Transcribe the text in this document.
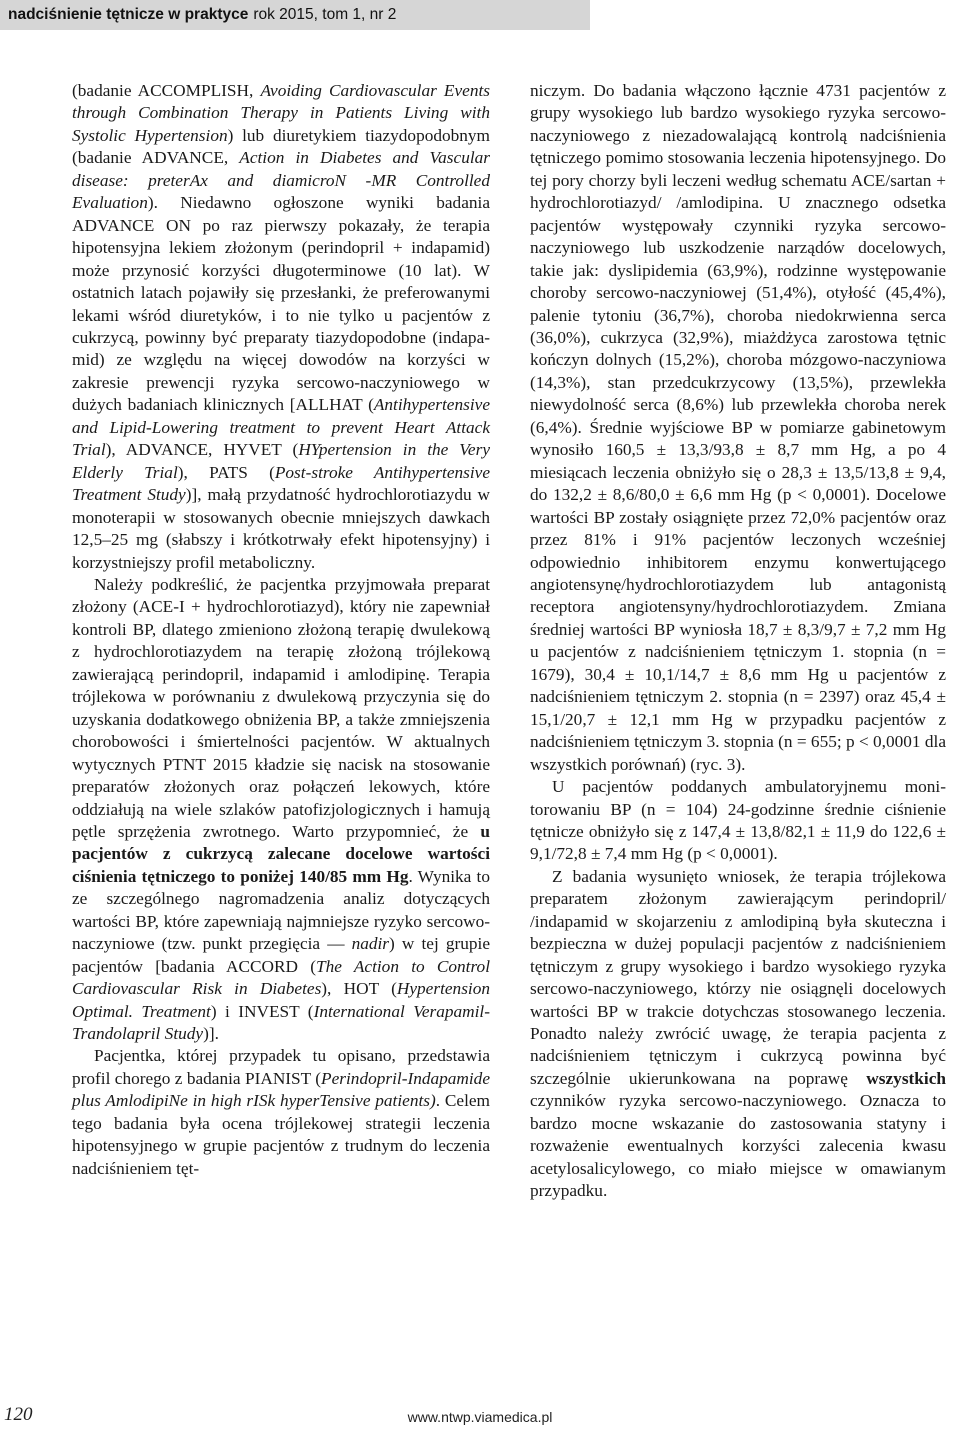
nadciśnienie tętnicze w praktyce rok 2015, tom 1, nr 2

(badanie ACCOMPLISH, Avoiding Cardiovascular Events through Combination Therapy in Patients Living with Systolic Hypertension) lub diuretykiem tiazydopodobnym (badanie ADVANCE, Action in Diabetes and Vascular disease: preterAx and diamicroN -MR Controlled Evaluation). Niedawno ogłoszone wyniki badania ADVANCE ON po raz pierwszy pokazały, że terapia hipotensyjna lekiem złożonym (perindopril + indapamid) może przynosić korzyści długoterminowe (10 lat). W ostatnich latach pojawiły się przesłanki, że preferowanymi lekami wśród diuretyków, i to nie tylko u pacjentów z cukrzycą, powinny być preparaty tiazydopodobne (indapamid) ze względu na więcej dowodów na korzyści w zakresie prewencji ryzyka sercowo-naczyniowego w dużych badaniach klinicznych [ALLHAT (Antihypertensive and Lipid-Lowering treatment to prevent Heart Attack Trial), ADVANCE, HYVET (HYpertension in the Very Elderly Trial), PATS (Post-stroke Antihypertensive Treatment Study)], małą przydatność hydrochlorotiazydu w monoterapii w stosowanych obecnie mniejszych dawkach 12,5–25 mg (słabszy i krótkotrwały efekt hipotensyjny) i korzystniejszy profil metaboliczny.

Należy podkreślić, że pacjentka przyjmowała preparat złożony (ACE-I + hydrochlorotiazyd), który nie zapewniał kontroli BP, dlatego zmieniono złożoną terapię dwulekową z hydrochlorotiazydem na terapię złożoną trójlekową zawierającą perindopril, indapamid i amlodipinę. Terapia trójlekowa w porównaniu z dwulekową przyczynia się do uzyskania dodatkowego obniżenia BP, a także zmniejszenia chorobowości i śmiertelności pacjentów. W aktualnych wytycznych PTNT 2015 kładzie się nacisk na stosowanie preparatów złożonych oraz połączeń lekowych, które oddziałują na wiele szlaków patofizjologicznych i hamują pętle sprzężenia zwrotnego. Warto przypomnieć, że u pacjentów z cukrzycą zalecane docelowe wartości ciśnienia tętniczego to poniżej 140/85 mm Hg. Wynika to ze szczególnego nagromadzenia analiz dotyczących wartości BP, które zapewniają najmniejsze ryzyko sercowo-naczyniowe (tzw. punkt przegięcia — nadir) w tej grupie pacjentów [badania ACCORD (The Action to Control Cardiovascular Risk in Diabetes), HOT (Hypertension Optimal. Treatment) i INVEST (International Verapamil-Trandolapril Study)].

Pacjentka, której przypadek tu opisano, przedstawia profil chorego z badania PIANIST (Perindopril-Indapamide plus AmlodipiNe in high rISk hyperTensive patients). Celem tego badania była ocena trójlekowej strategii leczenia hipotensyjnego w grupie pacjentów z trudnym do leczenia nadciśnieniem tęt-

niczym. Do badania włączono łącznie 4731 pacjentów z grupy wysokiego lub bardzo wysokiego ryzyka sercowo-naczyniowego z niezadowalającą kontrolą nadciśnienia tętniczego pomimo stosowania leczenia hipotensyjnego. Do tej pory chorzy byli leczeni według schematu ACE/sartan + hydrochlorotiazyd/ /amlodipina. U znacznego odsetka pacjentów występowały czynniki ryzyka sercowo-naczyniowego lub uszkodzenie narządów docelowych, takie jak: dyslipidemia (63,9%), rodzinne występowanie choroby sercowo-naczyniowej (51,4%), otyłość (45,4%), palenie tytoniu (36,7%), choroba niedokrwienna serca (36,0%), cukrzyca (32,9%), miażdżyca zarostowa tętnic kończyn dolnych (15,2%), choroba mózgowo-naczyniowa (14,3%), stan przedcukrzycowy (13,5%), przewlekła niewydolność serca (8,6%) lub przewlekła choroba nerek (6,4%). Średnie wyjściowe BP w pomiarze gabinetowym wynosiło 160,5 ± 13,3/93,8 ± 8,7 mm Hg, a po 4 miesiącach leczenia obniżyło się o 28,3 ± 13,5/13,8 ± 9,4, do 132,2 ± 8,6/80,0 ± 6,6 mm Hg (p < 0,0001). Docelowe wartości BP zostały osiągnięte przez 72,0% pacjentów oraz przez 81% i 91% pacjentów leczonych wcześniej odpowiednio inhibitorem enzymu konwertującego angiotensynę/hydrochlorotiazydem lub antagonistą receptora angiotensyny/hydrochlorotiazydem. Zmiana średniej wartości BP wyniosła 18,7 ± 8,3/9,7 ± 7,2 mm Hg u pacjentów z nadciśnieniem tętniczym 1. stopnia (n = 1679), 30,4 ± 10,1/14,7 ± 8,6 mm Hg u pacjentów z nadciśnieniem tętniczym 2. stopnia (n = 2397) oraz 45,4 ± 15,1/20,7 ± 12,1 mm Hg w przypadku pacjentów z nadciśnieniem tętniczym 3. stopnia (n = 655; p < 0,0001 dla wszystkich porównań) (ryc. 3).

U pacjentów poddanych ambulatoryjnemu monitorowaniu BP (n = 104) 24-godzinne średnie ciśnienie tętnicze obniżyło się z 147,4 ± 13,8/82,1 ± 11,9 do 122,6 ± 9,1/72,8 ± 7,4 mm Hg (p < 0,0001).

Z badania wysunięto wniosek, że terapia trójlekowa preparatem złożonym zawierającym perindopril/ /indapamid w skojarzeniu z amlodipiną była skuteczna i bezpieczna w dużej populacji pacjentów z nadciśnieniem tętniczym z grupy wysokiego i bardzo wysokiego ryzyka sercowo-naczyniowego, którzy nie osiągnęli docelowych wartości BP w trakcie dotychczas stosowanego leczenia. Ponadto należy zwrócić uwagę, że terapia pacjenta z nadciśnieniem tętniczym i cukrzycą powinna być szczególnie ukierunkowana na poprawę wszystkich czynników ryzyka sercowo-naczyniowego. Oznacza to bardzo mocne wskazanie do zastosowania statyny i rozważenie ewentualnych korzyści zalecenia kwasu acetylosalicylowego, co miało miejsce w omawianym przypadku.

120	www.ntwp.viamedica.pl
